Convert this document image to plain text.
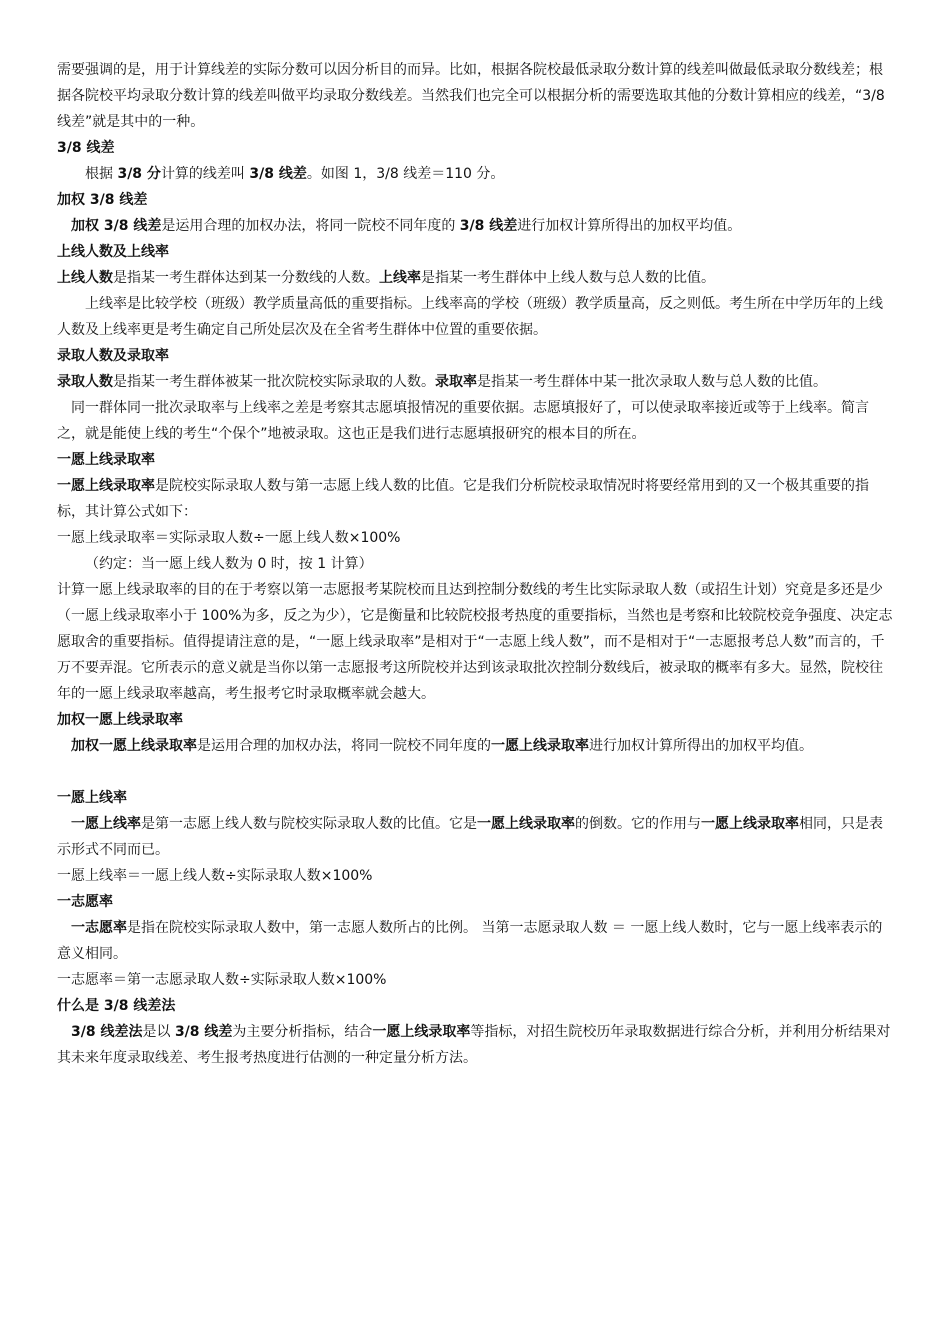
需要强调的是，用于计算线差的实际分数可以因分析目的而异。比如，根据各院校最低录取分数计算的线差叫做最低录取分数线差；根据各院校平均录取分数计算的线差叫做平均录取分数线差。当然我们也完全可以根据分析的需要选取其他的分数计算相应的线差，“3/8 线差”就是其中的一种。

3/8 线差

根据 3/8 分计算的线差叫 3/8 线差。如图 1，3/8 线差＝110 分。

加权 3/8 线差

加权 3/8 线差是运用合理的加权办法，将同一院校不同年度的 3/8 线差进行加权计算所得出的加权平均值。

上线人数及上线率

上线人数是指某一考生群体达到某一分数线的人数。上线率是指某一考生群体中上线人数与总人数的比值。

上线率是比较学校（班级）教学质量高低的重要指标。上线率高的学校（班级）教学质量高，反之则低。考生所在中学历年的上线人数及上线率更是考生确定自己所处层次及在全省考生群体中位置的重要依据。

录取人数及录取率

录取人数是指某一考生群体被某一批次院校实际录取的人数。录取率是指某一考生群体中某一批次录取人数与总人数的比值。

同一群体同一批次录取率与上线率之差是考察其志愿填报情况的重要依据。志愿填报好了，可以使录取率接近或等于上线率。简言之，就是能使上线的考生“个保个”地被录取。这也正是我们进行志愿填报研究的根本目的所在。

一愿上线录取率

一愿上线录取率是院校实际录取人数与第一志愿上线人数的比值。它是我们分析院校录取情况时将要经常用到的又一个极其重要的指标，其计算公式如下：

一愿上线录取率＝实际录取人数÷一愿上线人数×100%

（约定：当一愿上线人数为 0 时，按 1 计算）

计算一愿上线录取率的目的在于考察以第一志愿报考某院校而且达到控制分数线的考生比实际录取人数（或招生计划）究竟是多还是少（一愿上线录取率小于 100%为多，反之为少），它是衡量和比较院校报考热度的重要指标，当然也是考察和比较院校竞争强度、决定志愿取舍的重要指标。值得提请注意的是，“一愿上线录取率”是相对于“一志愿上线人数”，而不是相对于“一志愿报考总人数”而言的，千万不要弄混。它所表示的意义就是当你以第一志愿报考这所院校并达到该录取批次控制分数线后，被录取的概率有多大。显然，院校往年的一愿上线录取率越高，考生报考它时录取概率就会越大。

加权一愿上线录取率

加权一愿上线录取率是运用合理的加权办法，将同一院校不同年度的一愿上线录取率进行加权计算所得出的加权平均值。

一愿上线率

一愿上线率是第一志愿上线人数与院校实际录取人数的比值。它是一愿上线录取率的倒数。它的作用与一愿上线录取率相同，只是表示形式不同而已。

一愿上线率＝一愿上线人数÷实际录取人数×100%

一志愿率

一志愿率是指在院校实际录取人数中，第一志愿人数所占的比例。 当第一志愿录取人数 ＝ 一愿上线人数时，它与一愿上线率表示的意义相同。

一志愿率＝第一志愿录取人数÷实际录取人数×100%

什么是 3/8 线差法

3/8 线差法是以 3/8 线差为主要分析指标，结合一愿上线录取率等指标，对招生院校历年录取数据进行综合分析，并利用分析结果对其未来年度录取线差、考生报考热度进行估测的一种定量分析方法。
